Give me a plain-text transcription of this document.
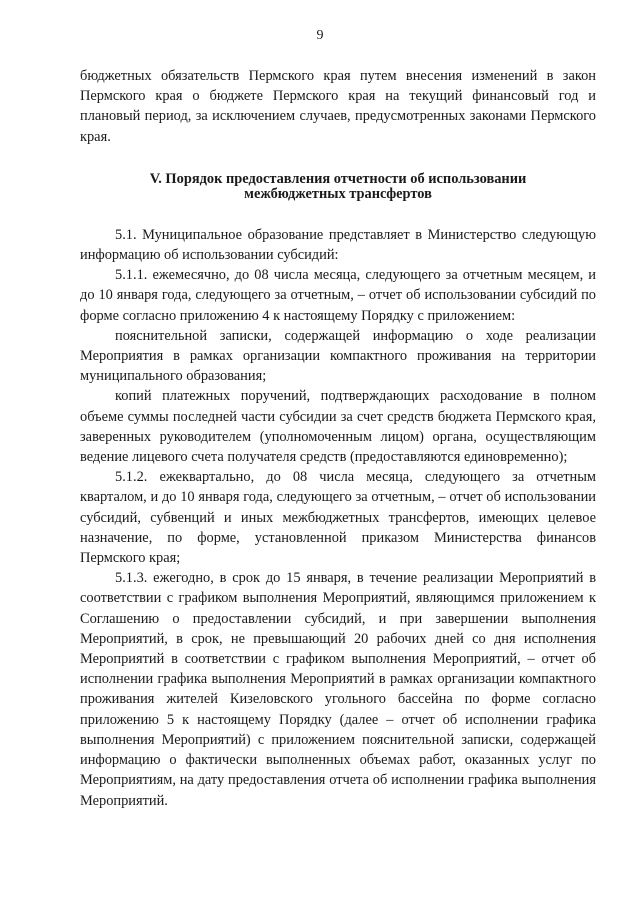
9

бюджетных обязательств Пермского края путем внесения изменений в закон Пермского края о бюджете Пермского края на текущий финансовый год и плановый период, за исключением случаев, предусмотренных законами Пермского края.

V. Порядок предоставления отчетности об использовании
межбюджетных трансфертов

5.1. Муниципальное образование представляет в Министерство следующую информацию об использовании субсидий:

5.1.1. ежемесячно, до 08 числа месяца, следующего за отчетным месяцем, и до 10 января года, следующего за отчетным, – отчет об использовании субсидий по форме согласно приложению 4 к настоящему Порядку с приложением:

пояснительной записки, содержащей информацию о ходе реализации Мероприятия в рамках организации компактного проживания на территории муниципального образования;

копий платежных поручений, подтверждающих расходование в полном объеме суммы последней части субсидии за счет средств бюджета Пермского края, заверенных руководителем (уполномоченным лицом) органа, осуществляющим ведение лицевого счета получателя средств (предоставляются единовременно);

5.1.2. ежеквартально, до 08 числа месяца, следующего за отчетным кварталом, и до 10 января года, следующего за отчетным, – отчет об использовании субсидий, субвенций и иных межбюджетных трансфертов, имеющих целевое назначение, по форме, установленной приказом Министерства финансов Пермского края;

5.1.3. ежегодно, в срок до 15 января, в течение реализации Мероприятий в соответствии с графиком выполнения Мероприятий, являющимся приложением к Соглашению о предоставлении субсидий, и при завершении выполнения Мероприятий, в срок, не превышающий 20 рабочих дней со дня исполнения Мероприятий в соответствии с графиком выполнения Мероприятий, – отчет об исполнении графика выполнения Мероприятий в рамках организации компактного проживания жителей Кизеловского угольного бассейна по форме согласно приложению 5 к настоящему Порядку (далее – отчет об исполнении графика выполнения Мероприятий) с приложением пояснительной записки, содержащей информацию о фактически выполненных объемах работ, оказанных услуг по Мероприятиям, на дату предоставления отчета об исполнении графика выполнения Мероприятий.
